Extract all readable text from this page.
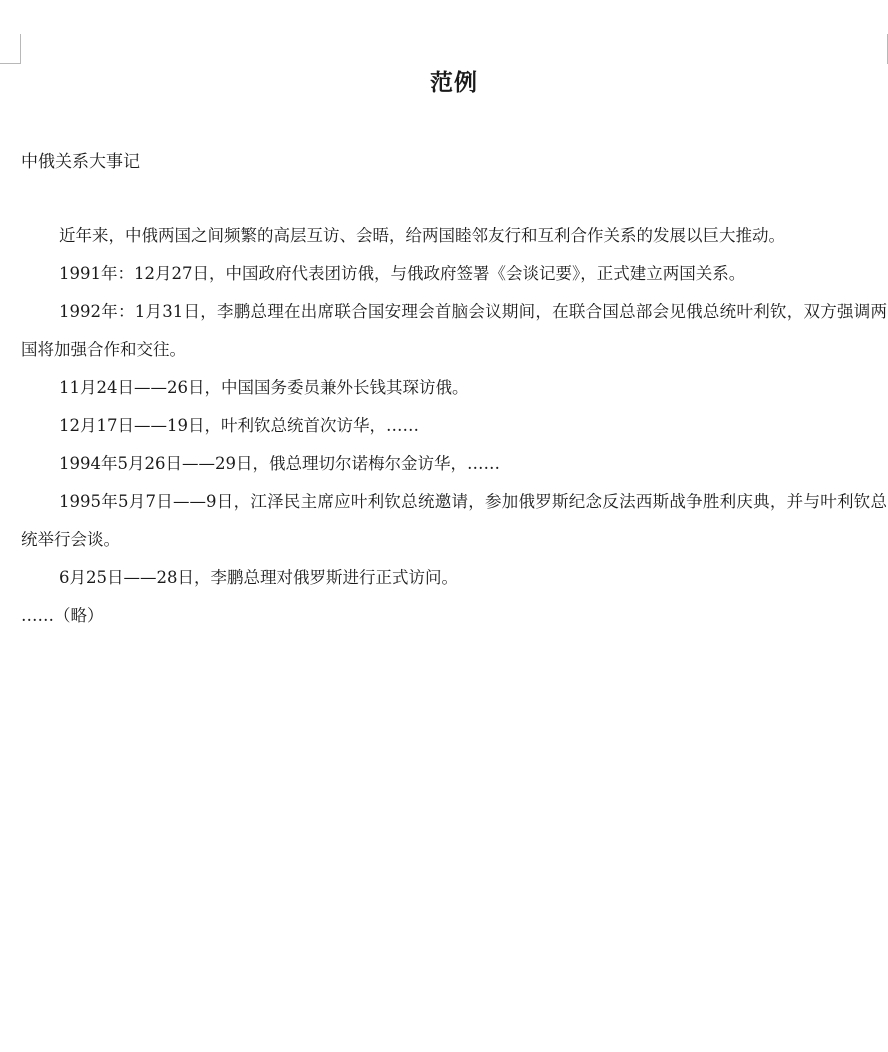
范例
中俄关系大事记

近年来，中俄两国之间频繁的高层互访、会晤，给两国睦邻友行和互利合作关系的发展以巨大推动。

1991年：12月27日，中国政府代表团访俄，与俄政府签署《会谈记要》，正式建立两国关系。

1992年：1月31日，李鹏总理在出席联合国安理会首脑会议期间，在联合国总部会见俄总统叶利钦，双方强调两国将加强合作和交往。

11月24日——26日，中国国务委员兼外长钱其琛访俄。

12月17日——19日，叶利钦总统首次访华，……

1994年5月26日——29日，俄总理切尔诺梅尔金访华，……

1995年5月7日——9日，江泽民主席应叶利钦总统邀请，参加俄罗斯纪念反法西斯战争胜利庆典，并与叶利钦总统举行会谈。

6月25日——28日，李鹏总理对俄罗斯进行正式访问。

……（略）
